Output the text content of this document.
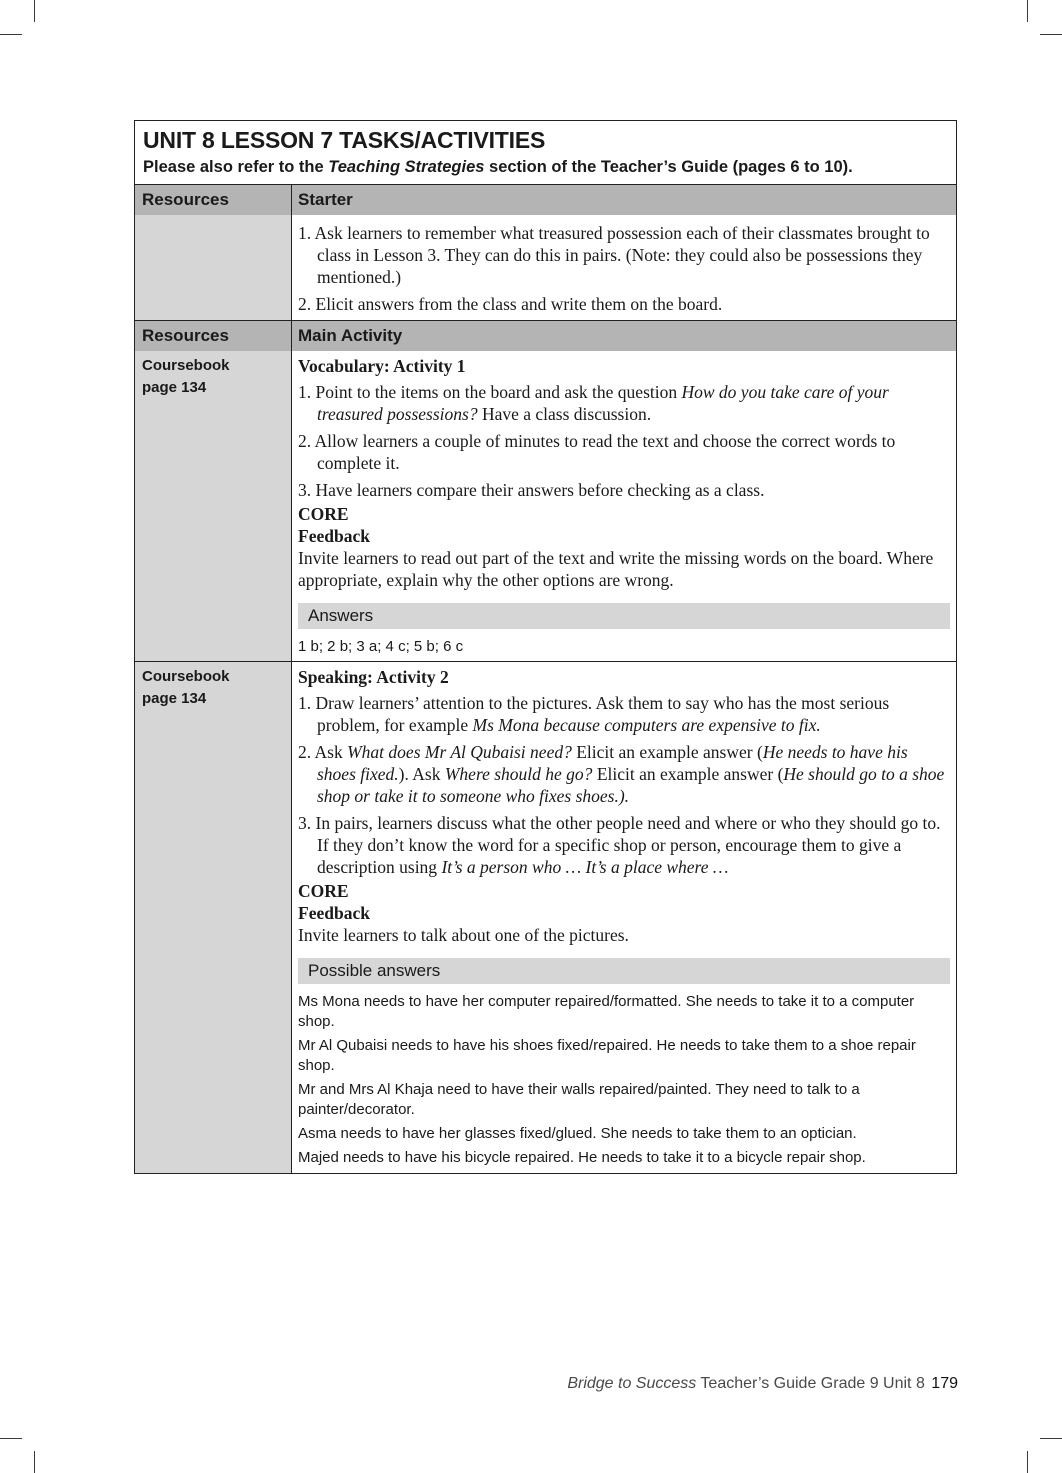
UNIT 8 LESSON 7 TASKS/ACTIVITIES
Please also refer to the Teaching Strategies section of the Teacher’s Guide (pages 6 to 10).
Resources	Starter
1. Ask learners to remember what treasured possession each of their classmates brought to class in Lesson 3. They can do this in pairs. (Note: they could also be possessions they mentioned.)
2. Elicit answers from the class and write them on the board.
Resources	Main Activity
Coursebook
page 134
Vocabulary: Activity 1
1. Point to the items on the board and ask the question How do you take care of your treasured possessions? Have a class discussion.
2. Allow learners a couple of minutes to read the text and choose the correct words to complete it.
3. Have learners compare their answers before checking as a class.
CORE
Feedback
Invite learners to read out part of the text and write the missing words on the board. Where appropriate, explain why the other options are wrong.
Answers
1 b; 2 b; 3 a; 4 c; 5 b; 6 c
Coursebook
page 134
Speaking: Activity 2
1. Draw learners’ attention to the pictures. Ask them to say who has the most serious problem, for example Ms Mona because computers are expensive to fix.
2. Ask What does Mr Al Qubaisi need? Elicit an example answer (He needs to have his shoes fixed.). Ask Where should he go? Elicit an example answer (He should go to a shoe shop or take it to someone who fixes shoes.).
3. In pairs, learners discuss what the other people need and where or who they should go to. If they don’t know the word for a specific shop or person, encourage them to give a description using It’s a person who … It’s a place where …
CORE
Feedback
Invite learners to talk about one of the pictures.
Possible answers
Ms Mona needs to have her computer repaired/formatted. She needs to take it to a computer shop.
Mr Al Qubaisi needs to have his shoes fixed/repaired. He needs to take them to a shoe repair shop.
Mr and Mrs Al Khaja need to have their walls repaired/painted. They need to talk to a painter/decorator.
Asma needs to have her glasses fixed/glued. She needs to take them to an optician.
Majed needs to have his bicycle repaired. He needs to take it to a bicycle repair shop.
Bridge to Success Teacher’s Guide Grade 9 Unit 8 179
